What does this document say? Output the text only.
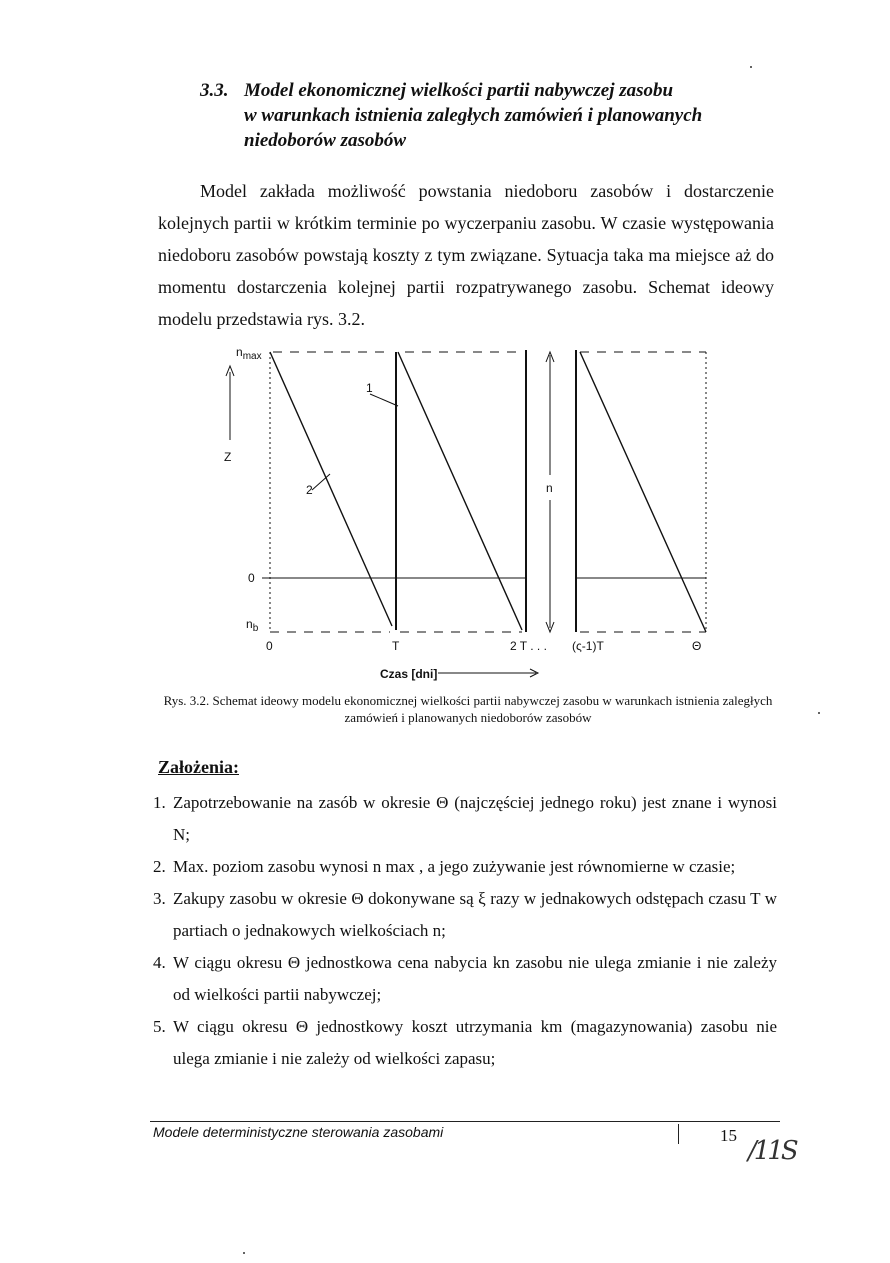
3.3. Model ekonomicznej wielkości partii nabywczej zasobu
w warunkach istnienia zaległych zamówień i planowanych
niedoborów zasobów

Model zakłada możliwość powstania niedoboru zasobów i dostarczenie kolejnych partii w krótkim terminie po wyczerpaniu zasobu. W czasie występowania niedoboru zasobów powstają koszty z tym związane. Sytuacja taka ma miejsce aż do momentu dostarczenia kolejnej partii rozpatrywanego zasobu. Schemat ideowy modelu przedstawia rys. 3.2.

$n_{max}$
Z
0
$n_b$
1
2	n
0	T	2 T . . . (ς-1)T	Θ
Czas [dni]
Rys. 3.2. Schemat ideowy modelu ekonomicznej wielkości partii nabywczej zasobu w warunkach istnienia zaległych zamówień i planowanych niedoborów zasobów
Założenia:
1. Zapotrzebowanie na zasób w okresie Θ (najczęściej jednego roku) jest znane i wynosi N;
2. Max. poziom zasobu wynosi n max , a jego zużywanie jest równomierne w czasie;
3. Zakupy zasobu w okresie Θ dokonywane są ξ razy w jednakowych odstępach czasu T w partiach o jednakowych wielkościach n;
4. W ciągu okresu Θ jednostkowa cena nabycia kn zasobu nie ulega zmianie i nie zależy od wielkości partii nabywczej;
5. W ciągu okresu Θ jednostkowy koszt utrzymania km (magazynowania) zasobu nie ulega zmianie i nie zależy od wielkości zapasu;
Modele deterministyczne sterowania zasobami	15
/11S
